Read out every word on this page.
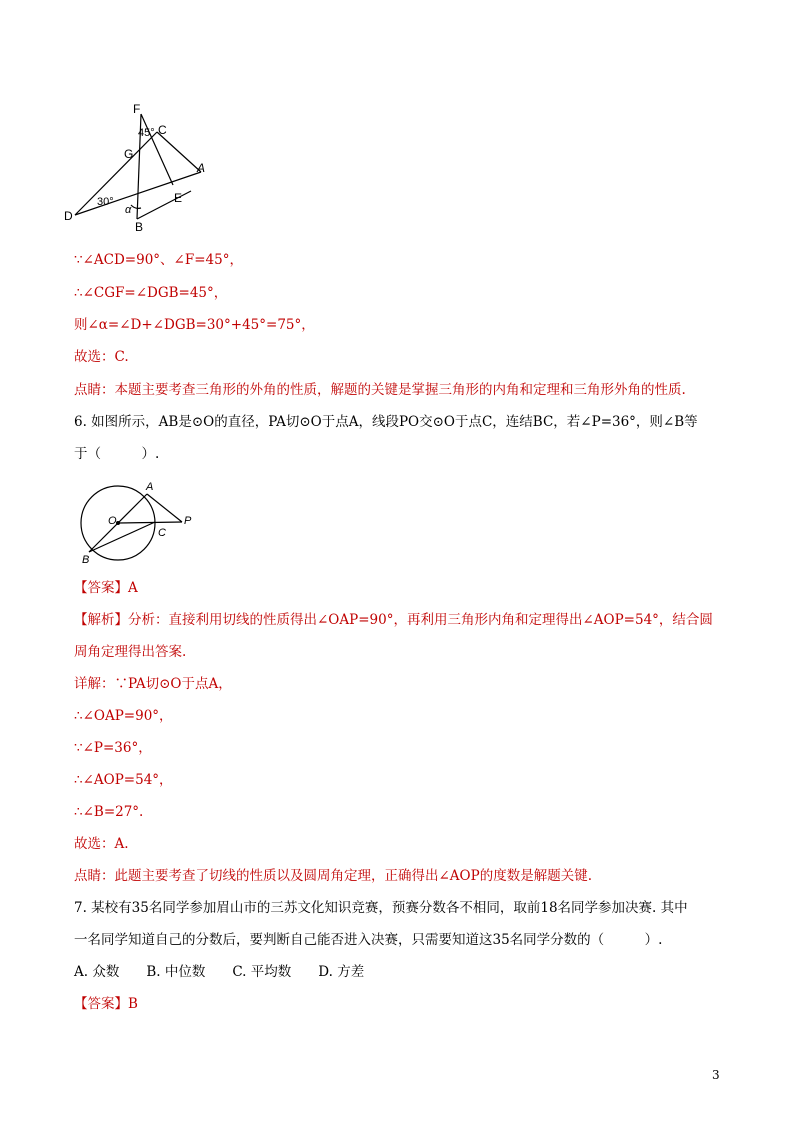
F
45° C
G
A
30°	E
α
D
B
∵∠ACD=90°、∠F=45°，
∴∠CGF=∠DGB=45°，
则∠α=∠D+∠DGB=30°+45°=75°，
故选：C.
点睛：本题主要考查三角形的外角的性质，解题的关键是掌握三角形的内角和定理和三角形外角的性质.
6. 如图所示，AB是⊙O的直径，PA切⊙O于点A，线段PO交⊙O于点C，连结BC，若∠P=36°，则∠B等
于（　　　）.
A
O	P
C
B
【答案】A
【解析】分析：直接利用切线的性质得出∠OAP=90°，再利用三角形内角和定理得出∠AOP=54°，结合圆
周角定理得出答案.
详解：∵PA切⊙O于点A，
∴∠OAP=90°，
∵∠P=36°，
∴∠AOP=54°，
∴∠B=27°.
故选：A.
点睛：此题主要考查了切线的性质以及圆周角定理，正确得出∠AOP的度数是解题关键.
7. 某校有35名同学参加眉山市的三苏文化知识竞赛，预赛分数各不相同，取前18名同学参加决赛. 其中
一名同学知道自己的分数后，要判断自己能否进入决赛，只需要知道这35名同学分数的（　　　）.
A. 众数　　B. 中位数　　C. 平均数　　D. 方差
【答案】B
3
